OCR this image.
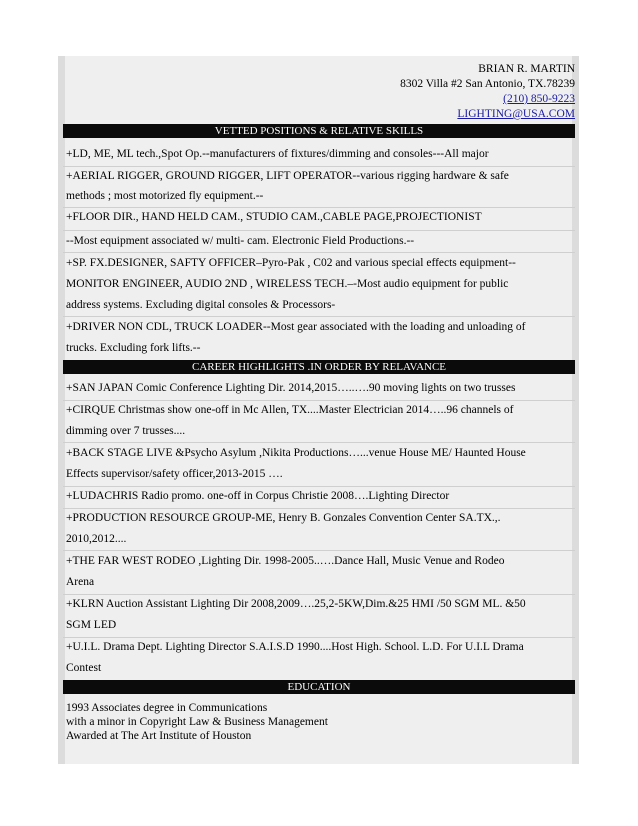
BRIAN R. MARTIN
8302 Villa #2 San Antonio, TX.78239
(210) 850-9223
LIGHTING@USA.COM
VETTED POSITIONS & RELATIVE SKILLS
+LD, ME, ML tech.,Spot Op.--manufacturers of fixtures/dimming and consoles---All major
+AERIAL RIGGER, GROUND RIGGER, LIFT OPERATOR--various rigging hardware & safe
methods ; most motorized fly equipment.--
+FLOOR DIR., HAND HELD CAM., STUDIO CAM.,CABLE PAGE,PROJECTIONIST
--Most equipment associated w/ multi- cam. Electronic Field Productions.--
+SP. FX.DESIGNER, SAFTY OFFICER–Pyro-Pak , C02 and various special effects equipment--
MONITOR ENGINEER, AUDIO 2ND , WIRELESS TECH.–-Most audio equipment for public
address systems. Excluding digital consoles & Processors-
+DRIVER NON CDL, TRUCK LOADER--Most gear associated with the loading and unloading of
trucks. Excluding fork lifts.--
CAREER HIGHLIGHTS .IN ORDER BY RELAVANCE
+SAN JAPAN Comic Conference Lighting Dir. 2014,2015…..….90 moving lights on two trusses
+CIRQUE Christmas show one-off in Mc Allen, TX....Master Electrician 2014…..96 channels of
dimming over 7 trusses....
+BACK STAGE LIVE &Psycho Asylum ,Nikita Productions…...venue House ME/ Haunted House
Effects supervisor/safety officer,2013-2015 ….
+LUDACHRIS Radio promo. one-off in Corpus Christie 2008….Lighting Director
+PRODUCTION RESOURCE GROUP-ME, Henry B. Gonzales Convention Center SA.TX.,.
2010,2012....
+THE FAR WEST RODEO ,Lighting Dir. 1998-2005..….Dance Hall, Music Venue and Rodeo
Arena
+KLRN Auction Assistant Lighting Dir 2008,2009….25,2-5KW,Dim.&25 HMI /50 SGM ML. &50
SGM LED
+U.I.L. Drama Dept. Lighting Director S.A.I.S.D 1990....Host High. School. L.D. For U.I.L Drama
Contest
EDUCATION
1993 Associates degree in Communications
with a minor in Copyright Law & Business Management
Awarded at The Art Institute of Houston
